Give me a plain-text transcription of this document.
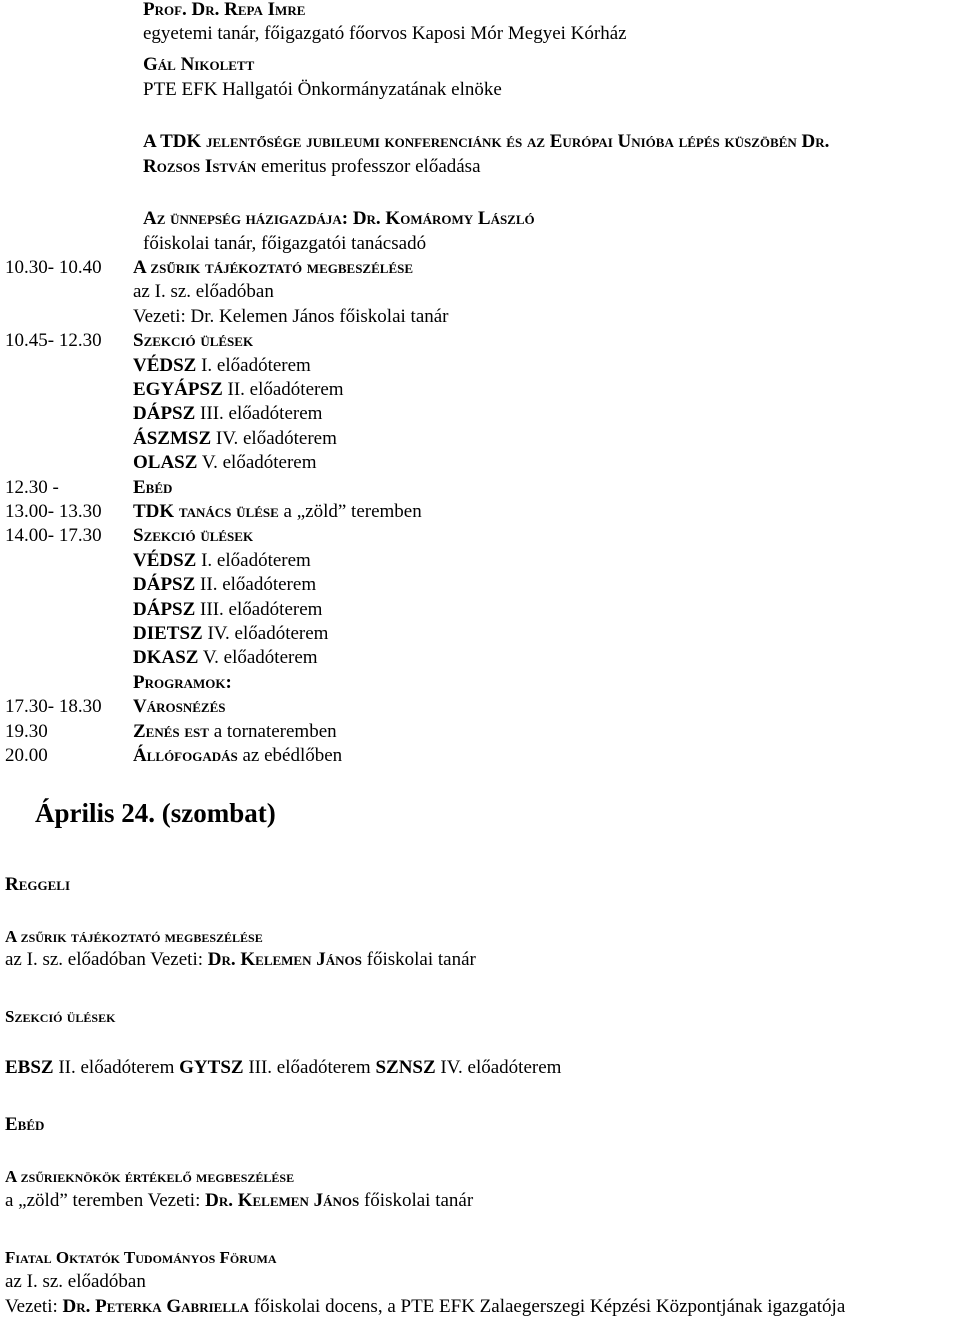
Prof. Dr. Repa Imre
egyetemi tanár, főigazgató főorvos Kaposi Mór Megyei Kórház
Gál Nikolett
PTE EFK Hallgatói Önkormányzatának elnöke
A TDK jelentősége jubileumi konferenciánk és az Európai Unióba lépés küszöbén Dr.
Rozsos István emeritus professzor előadása
Az ünnepség házigazdája: Dr. Komáromy László
főiskolai tanár, főigazgatói tanácsadó
10.30- 10.40 A zsűrik tájékoztató megbeszélése
az I. sz. előadóban
Vezeti: Dr. Kelemen János főiskolai tanár
10.45- 12.30 Szekció ülések
VÉDSZ I. előadóterem
EGYÁPSZ II. előadóterem
DÁPSZ III. előadóterem
ÁSZMSZ IV. előadóterem
OLASZ V. előadóterem
12.30 -	Ebéd
13.00- 13.30 TDK tanács ülése a „zöld” teremben
14.00- 17.30 Szekció ülések
VÉDSZ I. előadóterem
DÁPSZ II. előadóterem
DÁPSZ III. előadóterem
DIETSZ IV. előadóterem
DKASZ V. előadóterem
Programok:
17.30- 18.30 Városnézés
19.30	Zenés est a tornateremben
20.00	Állófogadás az ebédlőben
Április 24. (szombat)
Reggeli
A zsűrik tájékoztató megbeszélése
az I. sz. előadóban Vezeti: Dr. Kelemen János főiskolai tanár
Szekció ülések
EBSZ II. előadóterem GYTSZ III. előadóterem SZNSZ IV. előadóterem
Ebéd
A zsűrieknökök értékelő megbeszélése
a „zöld” teremben Vezeti: Dr. Kelemen János főiskolai tanár
Fiatal Oktatók Tudományos Föruma
az I. sz. előadóban
Vezeti: Dr. Peterka Gabriella főiskolai docens, a PTE EFK Zalaegerszegi Képzési Központjának igazgatója
